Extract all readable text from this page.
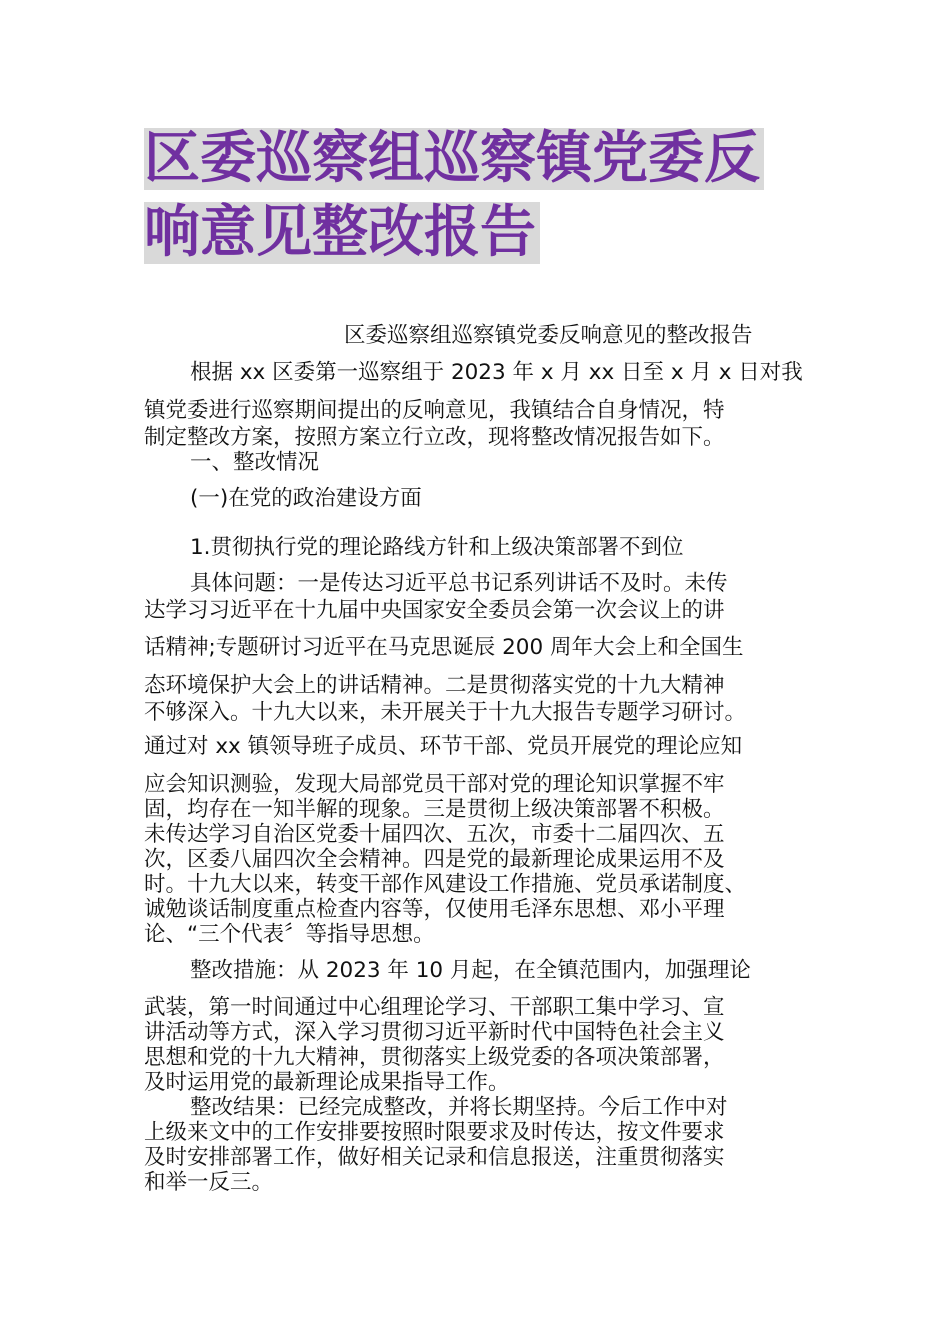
区委巡察组巡察镇党委反
响意见整改报告
区委巡察组巡察镇党委反响意见的整改报告
根据 xx 区委第一巡察组于 2023 年 x 月 xx 日至 x 月 x 日对我
镇党委进行巡察期间提出的反响意见，我镇结合自身情况，特
制定整改方案，按照方案立行立改，现将整改情况报告如下。
一、整改情况
(一)在党的政治建设方面
1.贯彻执行党的理论路线方针和上级决策部署不到位
具体问题：一是传达习近平总书记系列讲话不及时。未传
达学习习近平在十九届中央国家安全委员会第一次会议上的讲
话精神;专题研讨习近平在马克思诞辰 200 周年大会上和全国生
态环境保护大会上的讲话精神。二是贯彻落实党的十九大精神
不够深入。十九大以来，未开展关于十九大报告专题学习研讨。
通过对 xx 镇领导班子成员、环节干部、党员开展党的理论应知
应会知识测验，发现大局部党员干部对党的理论知识掌握不牢
固，均存在一知半解的现象。三是贯彻上级决策部署不积极。
未传达学习自治区党委十届四次、五次，市委十二届四次、五
次，区委八届四次全会精神。四是党的最新理论成果运用不及
时。十九大以来，转变干部作风建设工作措施、党员承诺制度、
诚勉谈话制度重点检查内容等，仅使用毛泽东思想、邓小平理
论、“三个代表〞等指导思想。
整改措施：从 2023 年 10 月起，在全镇范围内，加强理论
武装，第一时间通过中心组理论学习、干部职工集中学习、宣
讲活动等方式，深入学习贯彻习近平新时代中国特色社会主义
思想和党的十九大精神，贯彻落实上级党委的各项决策部署，
及时运用党的最新理论成果指导工作。
整改结果：已经完成整改，并将长期坚持。今后工作中对
上级来文中的工作安排要按照时限要求及时传达，按文件要求
及时安排部署工作，做好相关记录和信息报送，注重贯彻落实
和举一反三。
